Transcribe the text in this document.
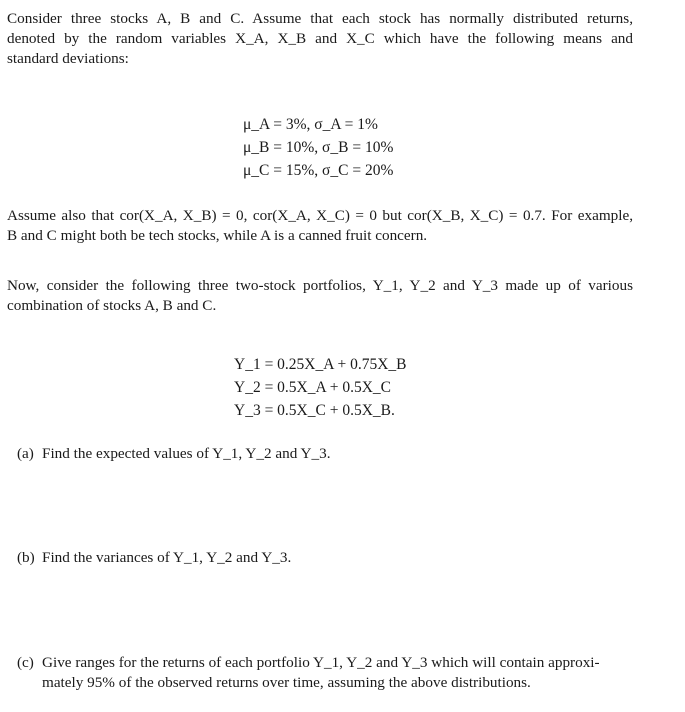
Consider three stocks A, B and C. Assume that each stock has normally distributed returns,
denoted by the random variables X_A, X_B and X_C which have the following means and
standard deviations:
μ_A = 3%, σ_A = 1%
μ_B = 10%, σ_B = 10%
μ_C = 15%, σ_C = 20%
Assume also that cor(X_A, X_B) = 0, cor(X_A, X_C) = 0 but cor(X_B, X_C) = 0.7. For example,
B and C might both be tech stocks, while A is a canned fruit concern.
Now, consider the following three two-stock portfolios, Y_1, Y_2 and Y_3 made up of various
combination of stocks A, B and C.
Y_1 = 0.25X_A + 0.75X_B
Y_2 = 0.5X_A + 0.5X_C
Y_3 = 0.5X_C + 0.5X_B.
(a) Find the expected values of Y_1, Y_2 and Y_3.
(b) Find the variances of Y_1, Y_2 and Y_3.
(c) Give ranges for the returns of each portfolio Y_1, Y_2 and Y_3 which will contain approxi-
mately 95% of the observed returns over time, assuming the above distributions.
